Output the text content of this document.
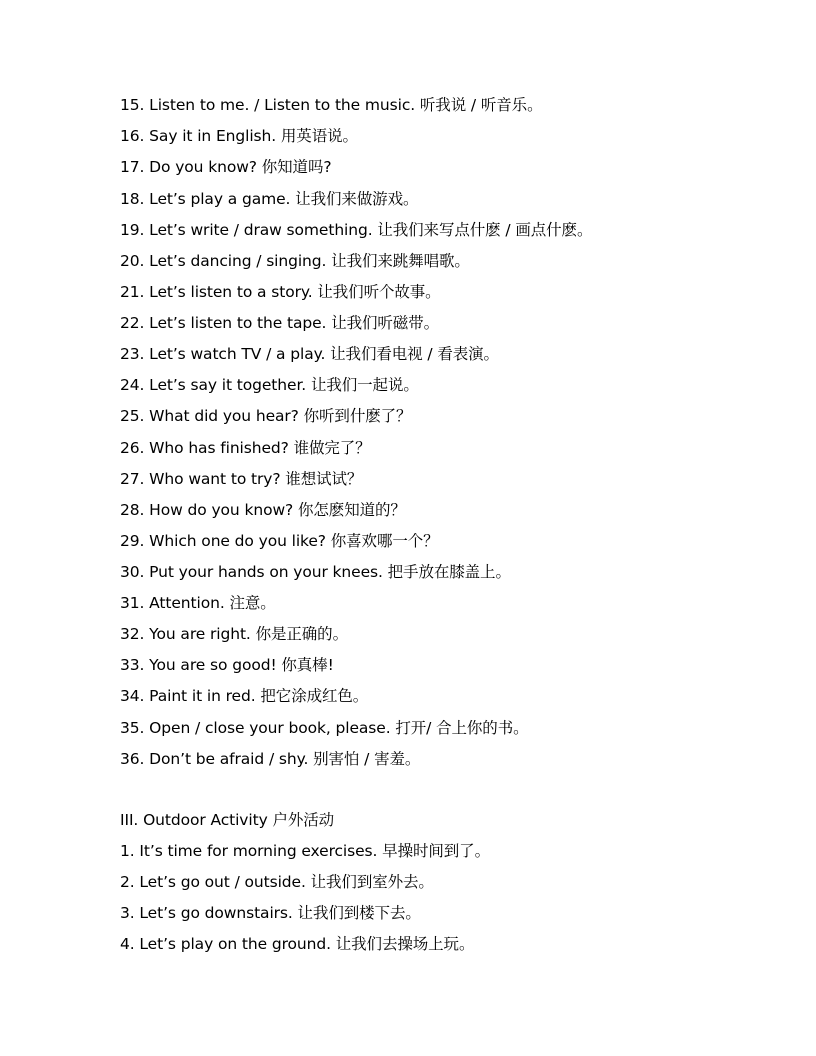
15. Listen to me. / Listen to the music. 听我说 / 听音乐。
16. Say it in English. 用英语说。
17. Do you know? 你知道吗?
18. Let’s play a game. 让我们来做游戏。
19. Let’s write / draw something. 让我们来写点什麽 / 画点什麽。
20. Let’s dancing / singing. 让我们来跳舞唱歌。
21. Let’s listen to a story. 让我们听个故事。
22. Let’s listen to the tape. 让我们听磁带。
23. Let’s watch TV / a play. 让我们看电视 / 看表演。
24. Let’s say it together. 让我们一起说。
25. What did you hear? 你听到什麽了？
26. Who has finished? 谁做完了？
27. Who want to try? 谁想试试？
28. How do you know? 你怎麽知道的？
29. Which one do you like? 你喜欢哪一个？
30. Put your hands on your knees. 把手放在膝盖上。
31. Attention. 注意。
32. You are right. 你是正确的。
33. You are so good! 你真棒!
34. Paint it in red. 把它涂成红色。
35. Open / close your book, please. 打开/ 合上你的书。
36. Don’t be afraid / shy. 别害怕 / 害羞。
III. Outdoor Activity 户外活动
1. It’s time for morning exercises. 早操时间到了。
2. Let’s go out / outside. 让我们到室外去。
3. Let’s go downstairs. 让我们到楼下去。
4. Let’s play on the ground. 让我们去操场上玩。
